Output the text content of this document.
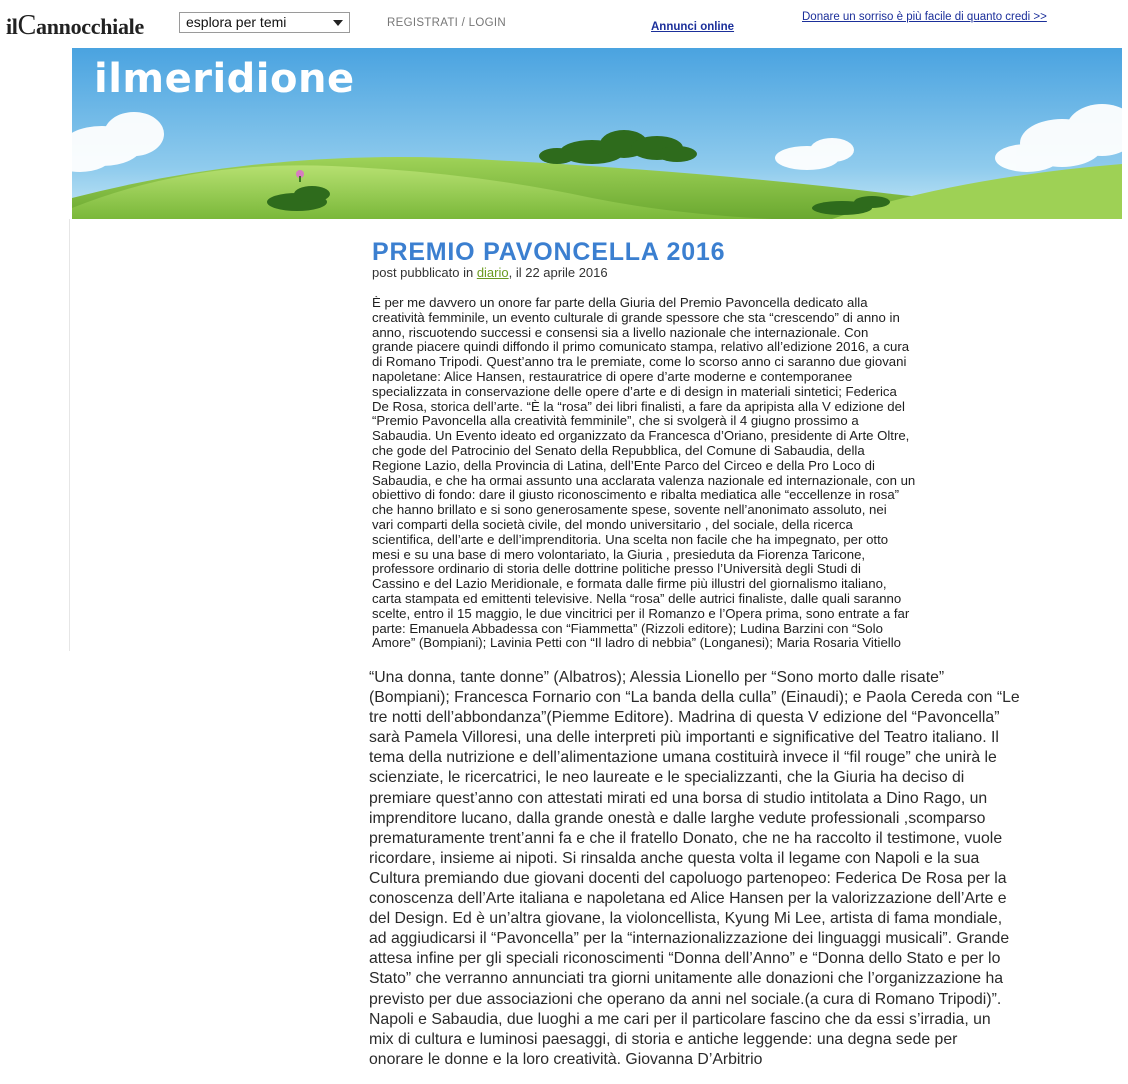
ilCannocchiale	esplora per temi	REGISTRATI / LOGIN	Annunci online
Donare un sorriso è più facile di quanto credi >>
ilmeridione
PREMIO PAVONCELLA 2016
post pubblicato in diario, il 22 aprile 2016
È per me davvero un onore far parte della Giuria del Premio Pavoncella dedicato alla
creatività femminile, un evento culturale di grande spessore che sta “crescendo” di anno in
anno, riscuotendo successi e consensi sia a livello nazionale che internazionale. Con
grande piacere quindi diffondo il primo comunicato stampa, relativo all’edizione 2016, a cura
di Romano Tripodi. Quest’anno tra le premiate, come lo scorso anno ci saranno due giovani
napoletane: Alice Hansen, restauratrice di opere d’arte moderne e contemporanee
specializzata in conservazione delle opere d’arte e di design in materiali sintetici; Federica
De Rosa, storica dell’arte. “È la “rosa” dei libri finalisti, a fare da apripista alla V edizione del
“Premio Pavoncella alla creatività femminile”, che si svolgerà il 4 giugno prossimo a
Sabaudia. Un Evento ideato ed organizzato da Francesca d’Oriano, presidente di Arte Oltre,
che gode del Patrocinio del Senato della Repubblica, del Comune di Sabaudia, della
Regione Lazio, della Provincia di Latina, dell’Ente Parco del Circeo e della Pro Loco di
Sabaudia, e che ha ormai assunto una acclarata valenza nazionale ed internazionale, con un
obiettivo di fondo: dare il giusto riconoscimento e ribalta mediatica alle “eccellenze in rosa”
che hanno brillato e si sono generosamente spese, sovente nell’anonimato assoluto, nei
vari comparti della società civile, del mondo universitario , del sociale, della ricerca
scientifica, dell’arte e dell’imprenditoria. Una scelta non facile che ha impegnato, per otto
mesi e su una base di mero volontariato, la Giuria , presieduta da Fiorenza Taricone,
professore ordinario di storia delle dottrine politiche presso l’Università degli Studi di
Cassino e del Lazio Meridionale, e formata dalle firme più illustri del giornalismo italiano,
carta stampata ed emittenti televisive. Nella “rosa” delle autrici finaliste, dalle quali saranno
scelte, entro il 15 maggio, le due vincitrici per il Romanzo e l’Opera prima, sono entrate a far
parte: Emanuela Abbadessa con “Fiammetta” (Rizzoli editore); Ludina Barzini con “Solo
Amore” (Bompiani); Lavinia Petti con “Il ladro di nebbia” (Longanesi); Maria Rosaria Vitiello
“Una donna, tante donne” (Albatros); Alessia Lionello per “Sono morto dalle risate”
(Bompiani); Francesca Fornario con “La banda della culla” (Einaudi); e Paola Cereda con “Le
tre notti dell’abbondanza”(Piemme Editore). Madrina di questa V edizione del “Pavoncella”
sarà Pamela Villoresi, una delle interpreti più importanti e significative del Teatro italiano. Il
tema della nutrizione e dell’alimentazione umana costituirà invece il “fil rouge” che unirà le
scienziate, le ricercatrici, le neo laureate e le specializzanti, che la Giuria ha deciso di
premiare quest’anno con attestati mirati ed una borsa di studio intitolata a Dino Rago, un
imprenditore lucano, dalla grande onestà e dalle larghe vedute professionali ,scomparso
prematuramente trent’anni fa e che il fratello Donato, che ne ha raccolto il testimone, vuole
ricordare, insieme ai nipoti. Si rinsalda anche questa volta il legame con Napoli e la sua
Cultura premiando due giovani docenti del capoluogo partenopeo: Federica De Rosa per la
conoscenza dell’Arte italiana e napoletana ed Alice Hansen per la valorizzazione dell’Arte e
del Design. Ed è un’altra giovane, la violoncellista, Kyung Mi Lee, artista di fama mondiale,
ad aggiudicarsi il “Pavoncella” per la “internazionalizzazione dei linguaggi musicali”. Grande
attesa infine per gli speciali riconoscimenti “Donna dell’Anno” e “Donna dello Stato e per lo
Stato” che verranno annunciati tra giorni unitamente alle donazioni che l’organizzazione ha
previsto per due associazioni che operano da anni nel sociale.(a cura di Romano Tripodi)”.
Napoli e Sabaudia, due luoghi a me cari per il particolare fascino che da essi s’irradia, un
mix di cultura e luminosi paesaggi, di storia e antiche leggende: una degna sede per
onorare le donne e la loro creatività. Giovanna D’Arbitrio
